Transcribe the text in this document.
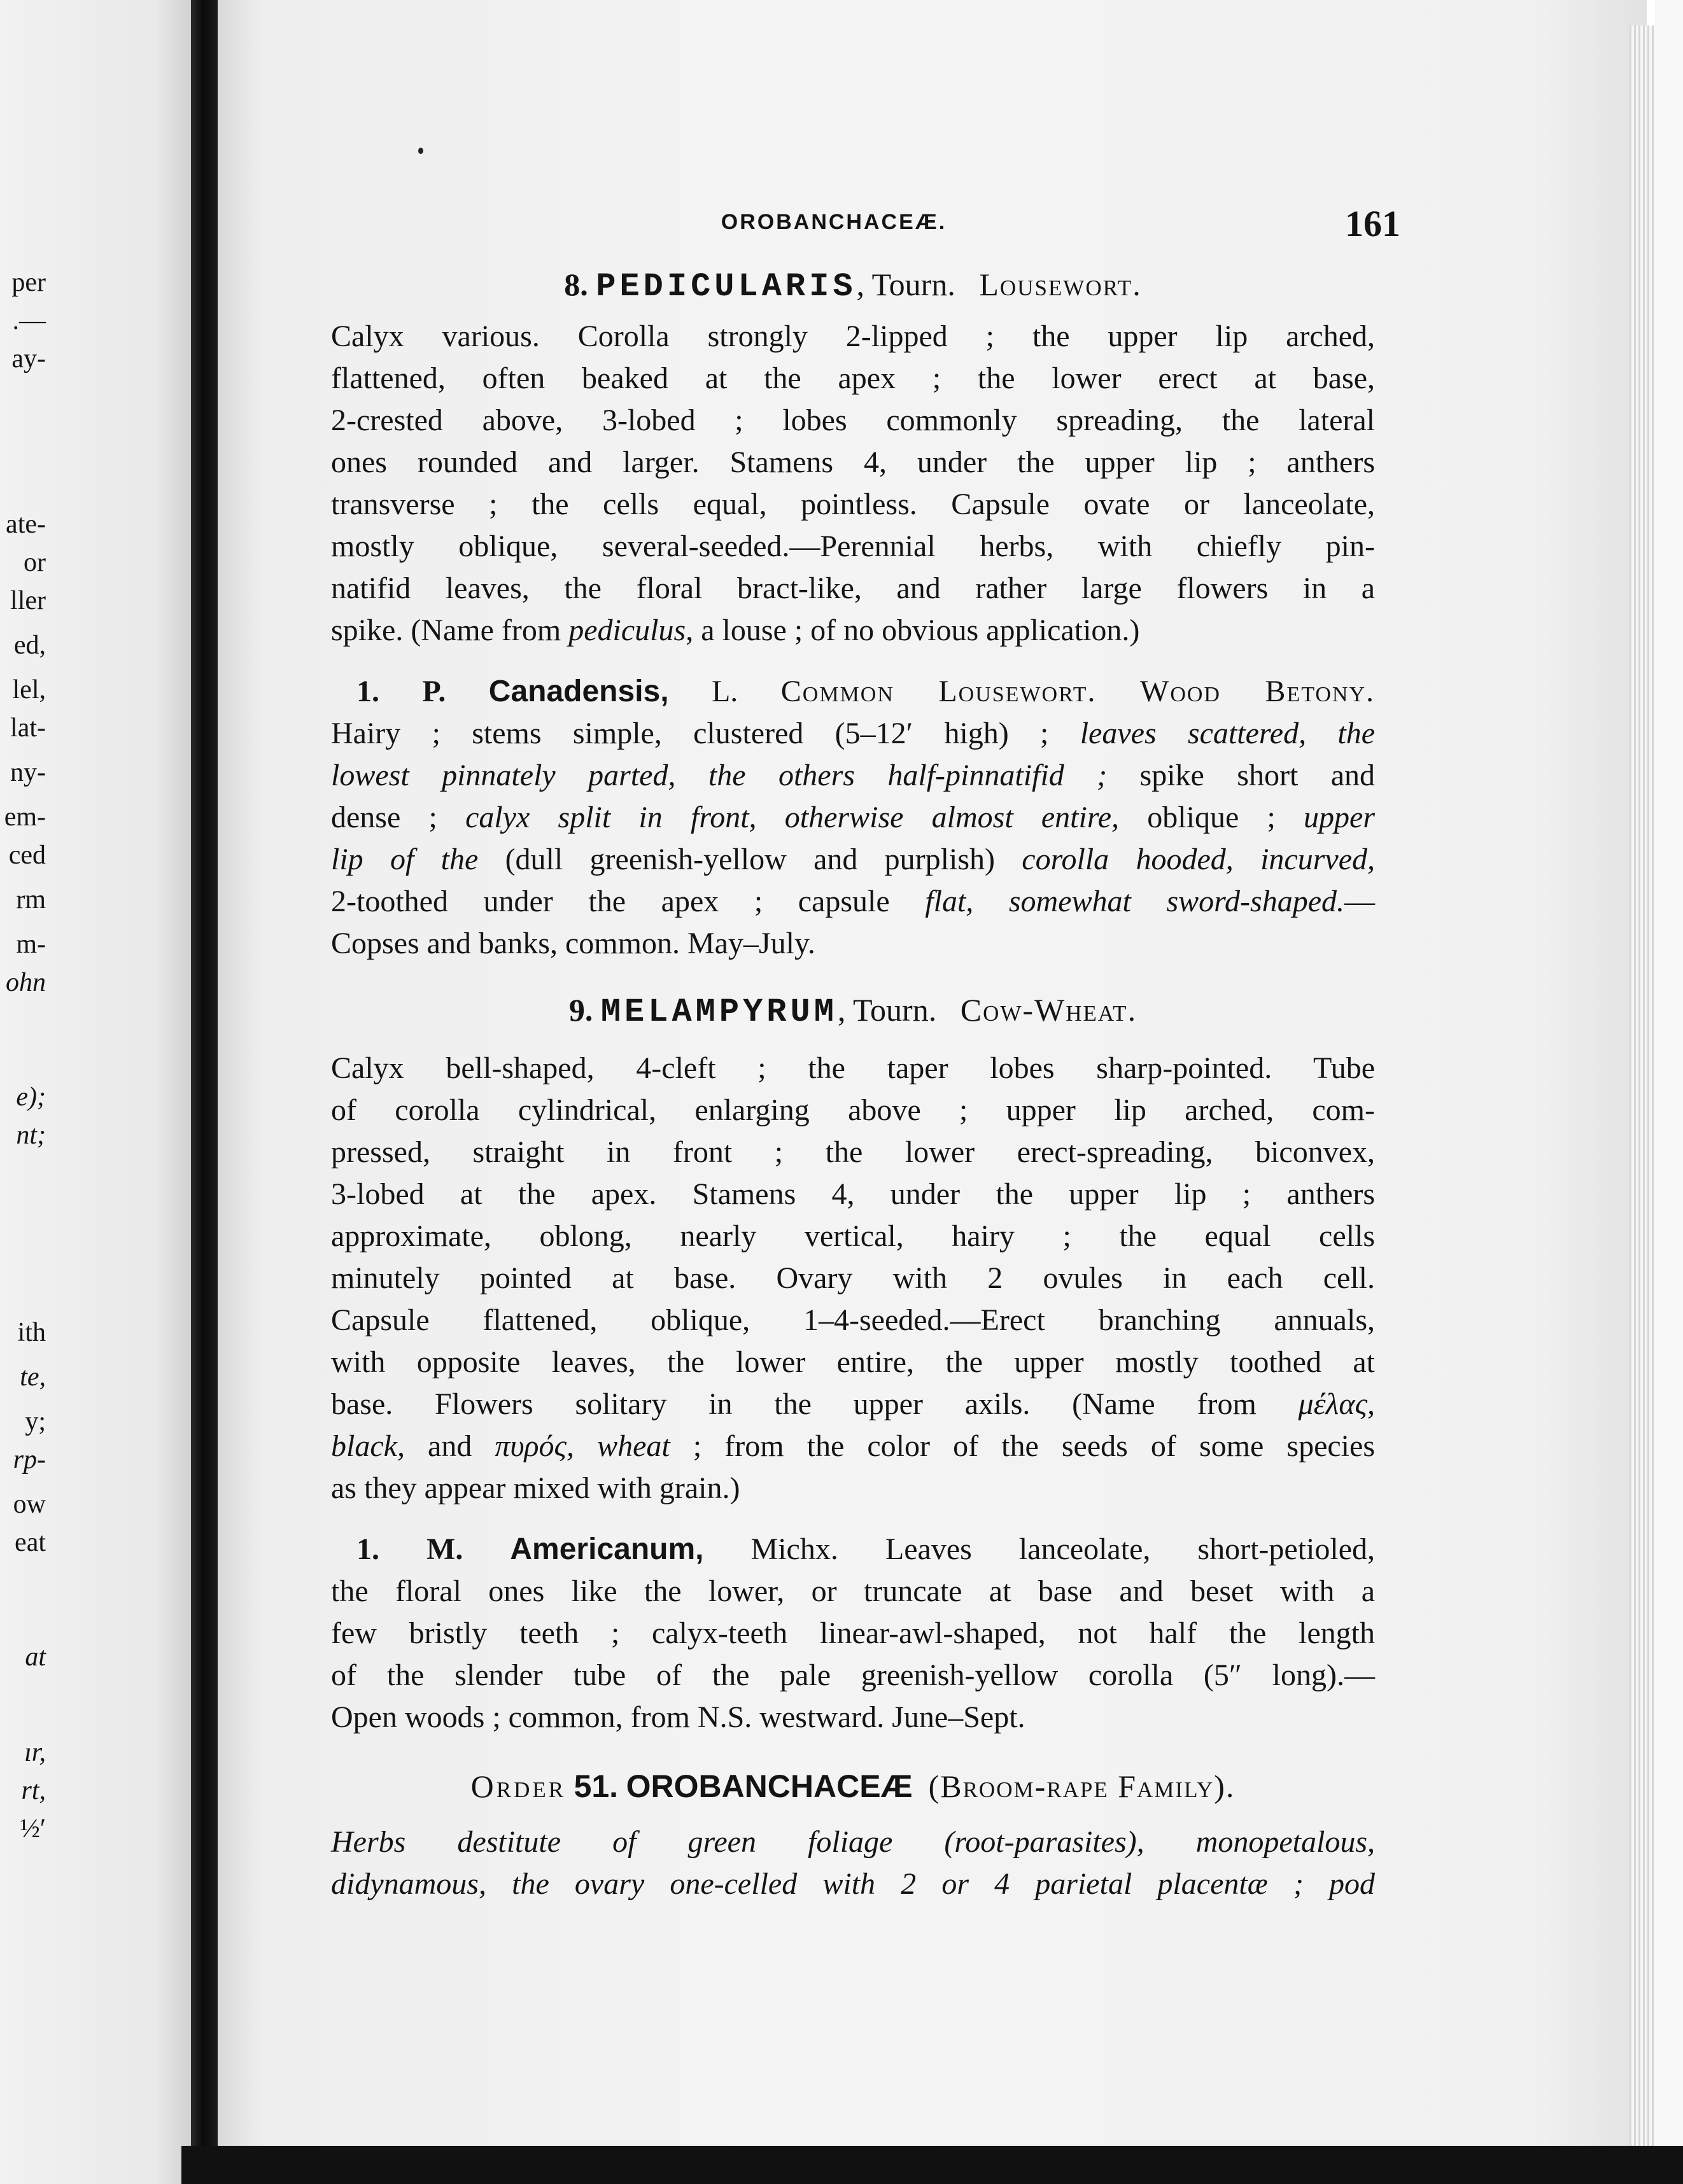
per
.—
ay-
ate-
or
ller
ed,
lel,
lat-
ny-
em-
ced
rm
m-
ohn
e);
nt;
ith
te,
y;
rp-
ow
eat
at
ır,
rt,
½′
OROBANCHACEÆ.	161
8. PEDICULARIS, Tourn. Lousewort.
Calyx various. Corolla strongly 2-lipped ; the upper lip arched,
flattened, often beaked at the apex ; the lower erect at base,
2-crested above, 3-lobed ; lobes commonly spreading, the lateral
ones rounded and larger. Stamens 4, under the upper lip ; anthers
transverse ; the cells equal, pointless. Capsule ovate or lanceolate,
mostly oblique, several-seeded.—Perennial herbs, with chiefly pin-
natifid leaves, the floral bract-like, and rather large flowers in a
spike. (Name from pediculus, a louse ; of no obvious application.)
1. P. Canadensis, L. Common Lousewort. Wood Betony.
Hairy ; stems simple, clustered (5–12′ high) ; leaves scattered, the
lowest pinnately parted, the others half-pinnatifid ; spike short and
dense ; calyx split in front, otherwise almost entire, oblique ; upper
lip of the (dull greenish-yellow and purplish) corolla hooded, incurved,
2-toothed under the apex ; capsule flat, somewhat sword-shaped.—
Copses and banks, common. May–July.
9. MELAMPYRUM, Tourn. Cow-Wheat.
Calyx bell-shaped, 4-cleft ; the taper lobes sharp-pointed. Tube
of corolla cylindrical, enlarging above ; upper lip arched, com-
pressed, straight in front ; the lower erect-spreading, biconvex,
3-lobed at the apex. Stamens 4, under the upper lip ; anthers
approximate, oblong, nearly vertical, hairy ; the equal cells
minutely pointed at base. Ovary with 2 ovules in each cell.
Capsule flattened, oblique, 1–4-seeded.—Erect branching annuals,
with opposite leaves, the lower entire, the upper mostly toothed at
base. Flowers solitary in the upper axils. (Name from μέλας,
black, and πυρός, wheat ; from the color of the seeds of some species
as they appear mixed with grain.)
1. M. Americanum, Michx. Leaves lanceolate, short-petioled,
the floral ones like the lower, or truncate at base and beset with a
few bristly teeth ; calyx-teeth linear-awl-shaped, not half the length
of the slender tube of the pale greenish-yellow corolla (5″ long).—
Open woods ; common, from N.S. westward. June–Sept.
Order 51. OROBANCHACEÆ (Broom-rape Family).
Herbs destitute of green foliage (root-parasites), monopetalous,
didynamous, the ovary one-celled with 2 or 4 parietal placentæ ; pod
